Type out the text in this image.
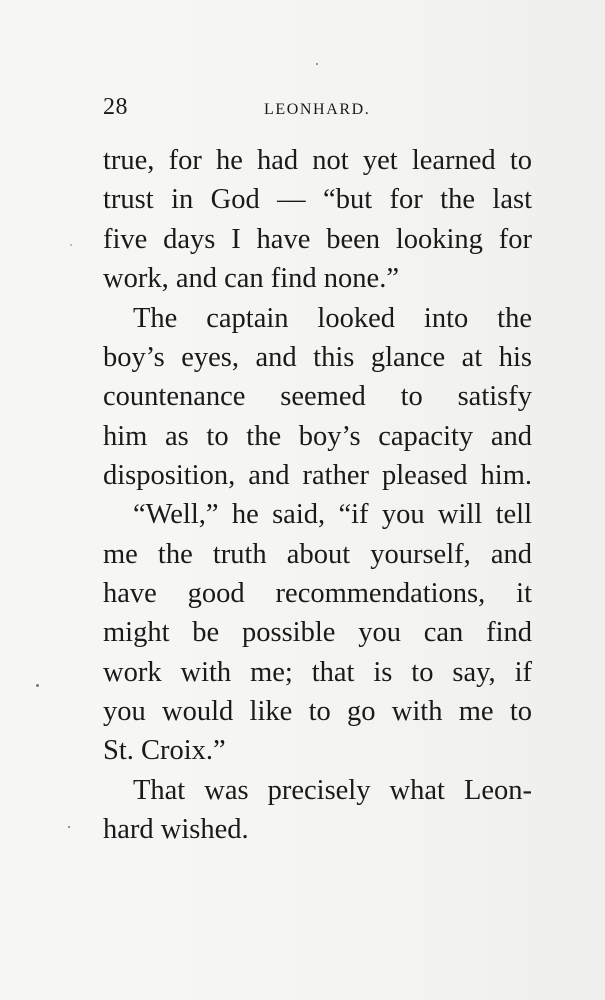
28	LEONHARD.
true, for he had not yet learned to
trust in God — “but for the last
five days I have been looking for
work, and can find none.”
The captain looked into the
boy’s eyes, and this glance at his
countenance seemed to satisfy
him as to the boy’s capacity and
disposition, and rather pleased him.
“Well,” he said, “if you will tell
me the truth about yourself, and
have good recommendations, it
might be possible you can find
work with me; that is to say, if
you would like to go with me to
St. Croix.”
That was precisely what Leon-
hard wished.
